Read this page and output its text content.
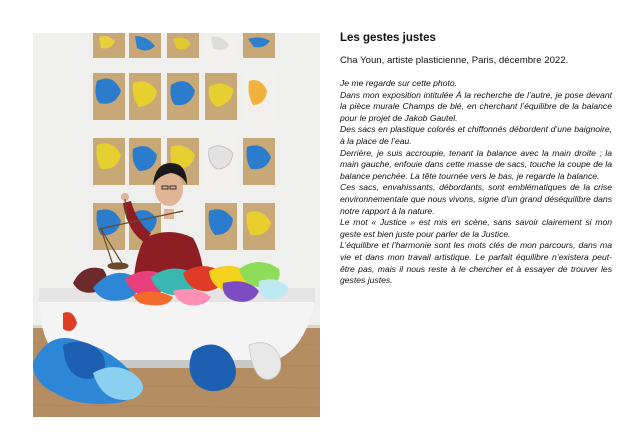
Les gestes justes

Cha Youn, artiste plasticienne, Paris, décembre 2022.

Je me regarde sur cette photo.

Dans mon exposition intitulée À la recherche de l’autre, je pose devant la pièce murale Champs de blé, en cherchant l’équilibre de la balance pour le projet de Jakob Gautel.

Des sacs en plastique colorés et chiffonnés débordent d’une baignoire, à la place de l’eau.

Derrière, je suis accroupie, tenant la balance avec la main droite ; la main gauche, enfouie dans cette masse de sacs, touche la coupe de la balance penchée. La tête tournée vers le bas, je regarde la balance.

Ces sacs, envahissants, débordants, sont emblématiques de la crise environnementale que nous vivons, signe d’un grand déséquilibre dans notre rapport à la nature.

Le mot « Justice » est mis en scène, sans savoir clairement si mon geste est bien juste pour parler de la Justice.

L’équilibre et l’harmonie sont les mots clés de mon parcours, dans ma vie et dans mon travail artistique. Le parfait équilibre n’existera peut-être pas, mais il nous reste à le chercher et à essayer de trouver les gestes justes.
